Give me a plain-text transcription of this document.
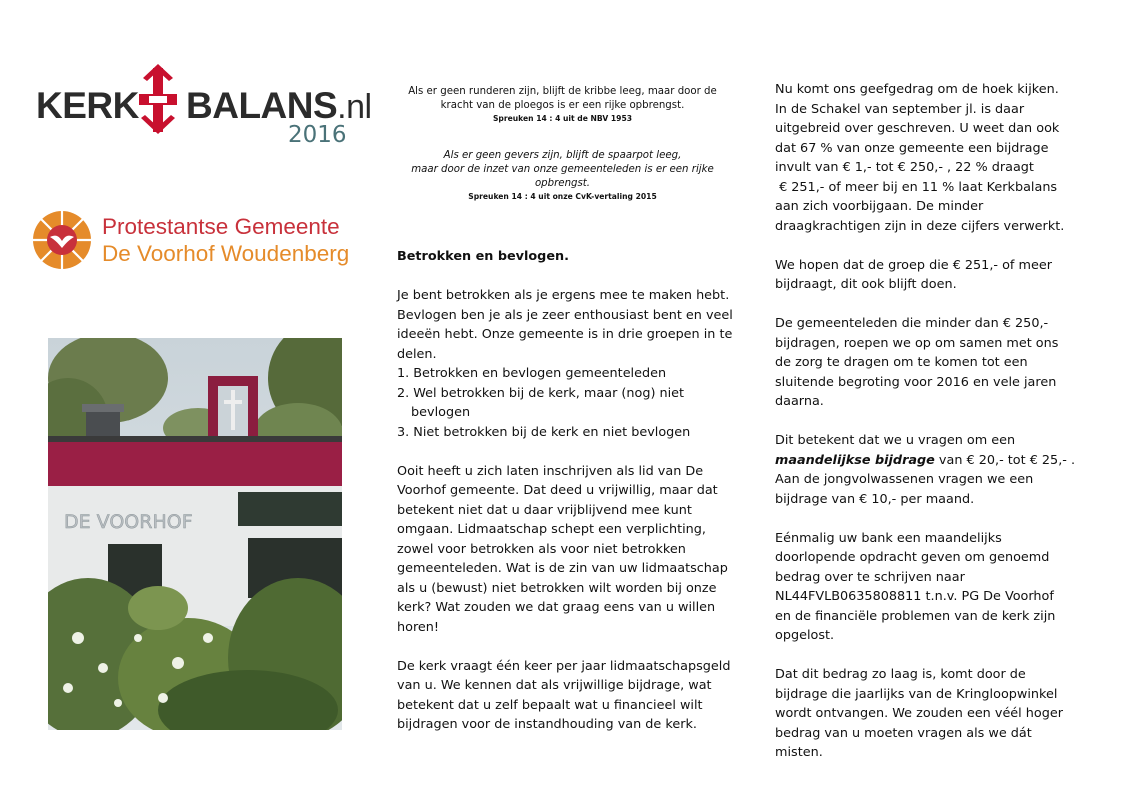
KERK BALANS.nl
2016
Protestantse Gemeente
De Voorhof Woudenberg
DE VOORHOF
Als er geen runderen zijn, blijft de kribbe leeg, maar door de
kracht van de ploegos is er een rijke opbrengst.
Spreuken 14 : 4 uit de NBV 1953
Als er geen gevers zijn, blijft de spaarpot leeg,
maar door de inzet van onze gemeenteleden is er een rijke
opbrengst.
Spreuken 14 : 4 uit onze CvK-vertaling 2015

Betrokken en bevlogen.

Je bent betrokken als je ergens mee te maken hebt.

Bevlogen ben je als je zeer enthousiast bent en veel

ideeën hebt. Onze gemeente is in drie groepen in te

delen.

1. Betrokken en bevlogen gemeenteleden

2. Wel betrokken bij de kerk, maar (nog) niet

bevlogen

3. Niet betrokken bij de kerk en niet bevlogen

Ooit heeft u zich laten inschrijven als lid van De

Voorhof gemeente. Dat deed u vrijwillig, maar dat

betekent niet dat u daar vrijblijvend mee kunt

omgaan. Lidmaatschap schept een verplichting,

zowel voor betrokken als voor niet betrokken

gemeenteleden. Wat is de zin van uw lidmaatschap

als u (bewust) niet betrokken wilt worden bij onze

kerk? Wat zouden we dat graag eens van u willen

horen!

De kerk vraagt één keer per jaar lidmaatschapsgeld

van u. We kennen dat als vrijwillige bijdrage, wat

betekent dat u zelf bepaalt wat u financieel wilt

bijdragen voor de instandhouding van de kerk.

Nu komt ons geefgedrag om de hoek kijken.

In de Schakel van september jl. is daar

uitgebreid over geschreven. U weet dan ook

dat 67 % van onze gemeente een bijdrage

invult van € 1,- tot € 250,- , 22 % draagt

€ 251,- of meer bij en 11 % laat Kerkbalans

aan zich voorbijgaan. De minder

draagkrachtigen zijn in deze cijfers verwerkt.

We hopen dat de groep die € 251,- of meer

bijdraagt, dit ook blijft doen.

De gemeenteleden die minder dan € 250,-

bijdragen, roepen we op om samen met ons

de zorg te dragen om te komen tot een

sluitende begroting voor 2016 en vele jaren

daarna.

Dit betekent dat we u vragen om een

maandelijkse bijdrage van € 20,- tot € 25,- .

Aan de jongvolwassenen vragen we een

bijdrage van € 10,- per maand.

Eénmalig uw bank een maandelijks

doorlopende opdracht geven om genoemd

bedrag over te schrijven naar

NL44FVLB0635808811 t.n.v. PG De Voorhof

en de financiële problemen van de kerk zijn

opgelost.

Dat dit bedrag zo laag is, komt door de

bijdrage die jaarlijks van de Kringloopwinkel

wordt ontvangen. We zouden een véél hoger

bedrag van u moeten vragen als we dát

misten.
